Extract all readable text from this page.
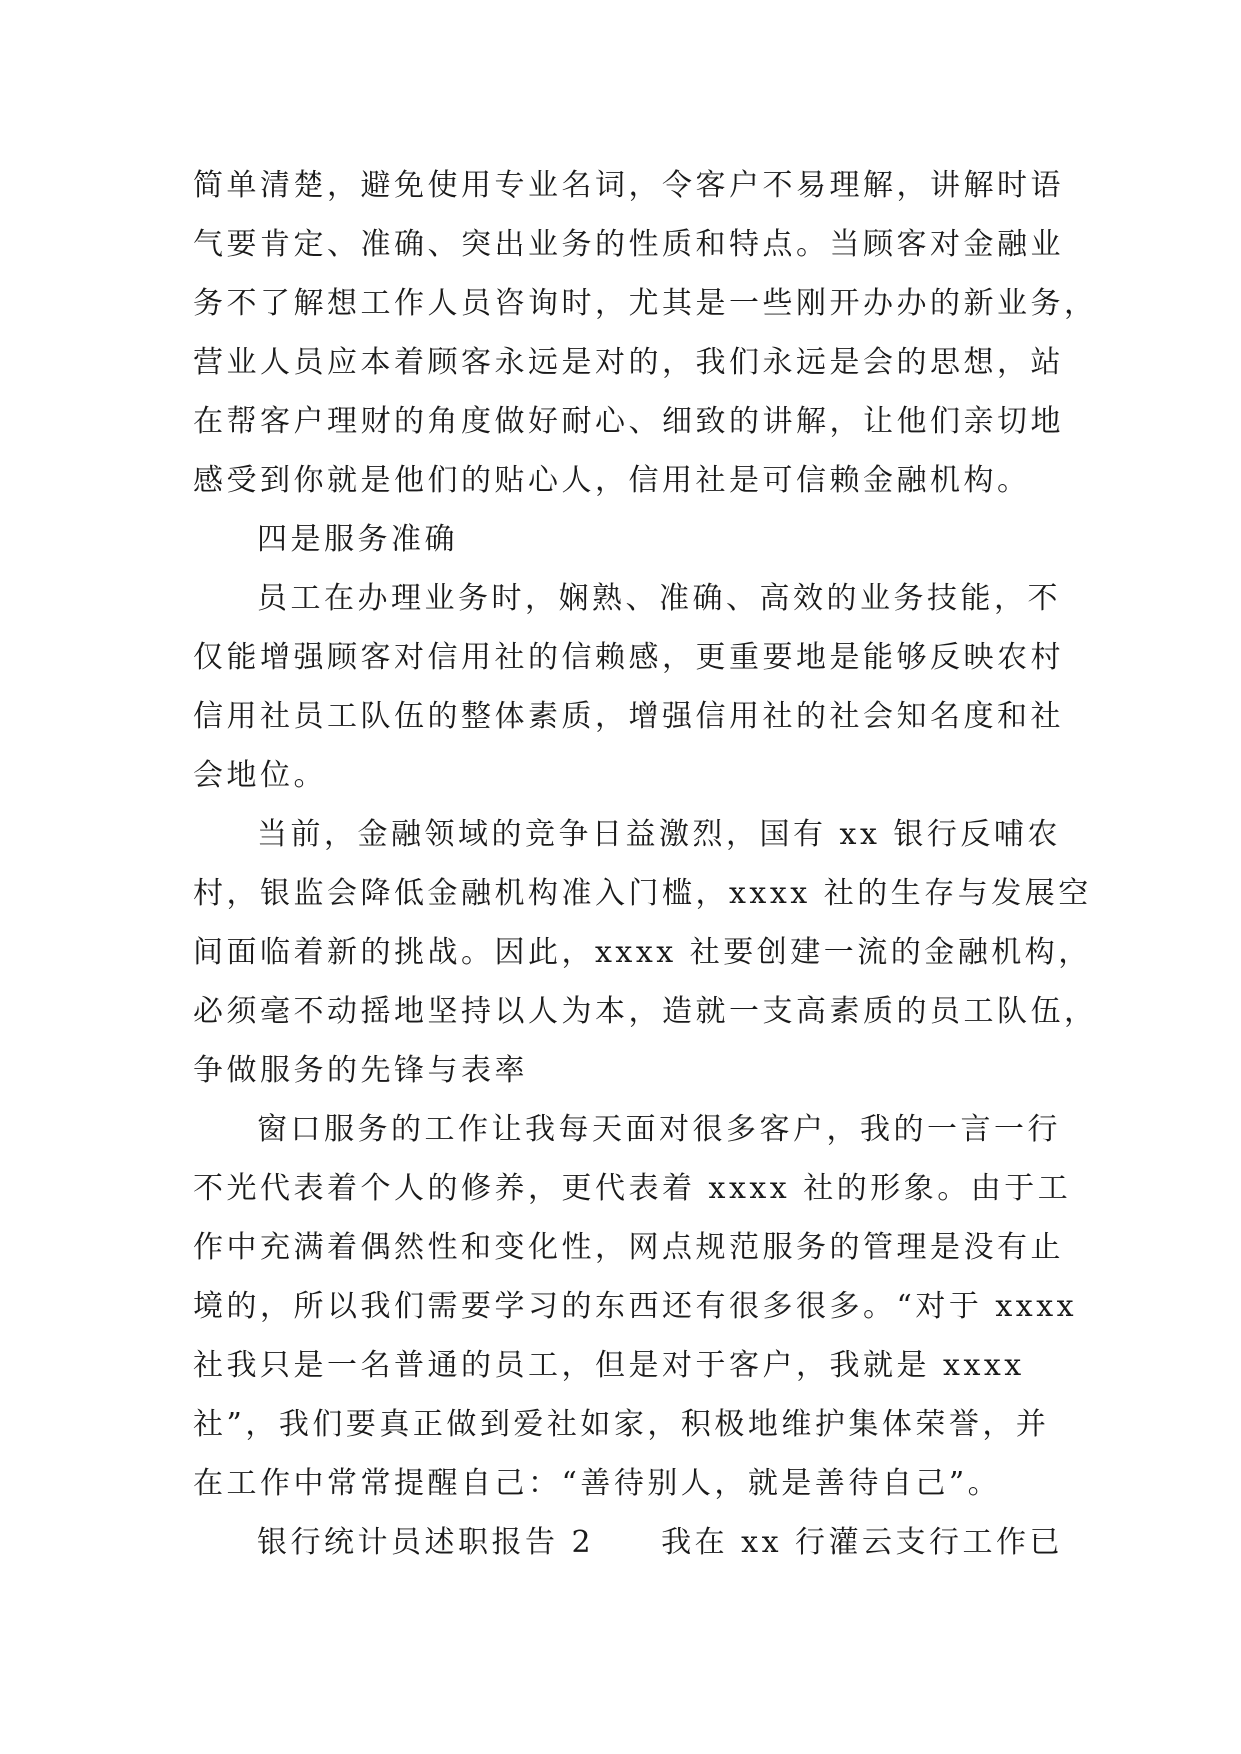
简单清楚，避免使用专业名词，令客户不易理解，讲解时语
气要肯定、准确、突出业务的性质和特点。当顾客对金融业
务不了解想工作人员咨询时，尤其是一些刚开办办的新业务，
营业人员应本着顾客永远是对的，我们永远是会的思想，站
在帮客户理财的角度做好耐心、细致的讲解，让他们亲切地
感受到你就是他们的贴心人，信用社是可信赖金融机构。
四是服务准确
员工在办理业务时，娴熟、准确、高效的业务技能，不
仅能增强顾客对信用社的信赖感，更重要地是能够反映农村
信用社员工队伍的整体素质，增强信用社的社会知名度和社
会地位。
当前，金融领域的竞争日益激烈，国有 xx 银行反哺农
村，银监会降低金融机构准入门槛，xxxx 社的生存与发展空
间面临着新的挑战。因此，xxxx 社要创建一流的金融机构，
必须毫不动摇地坚持以人为本，造就一支高素质的员工队伍，
争做服务的先锋与表率
窗口服务的工作让我每天面对很多客户，我的一言一行
不光代表着个人的修养，更代表着 xxxx 社的形象。由于工
作中充满着偶然性和变化性，网点规范服务的管理是没有止
境的，所以我们需要学习的东西还有很多很多。“对于 xxxx
社我只是一名普通的员工，但是对于客户，我就是 xxxx
社”，我们要真正做到爱社如家，积极地维护集体荣誉，并
在工作中常常提醒自己：“善待别人，就是善待自己”。
银行统计员述职报告 2　　我在 xx 行灌云支行工作已
